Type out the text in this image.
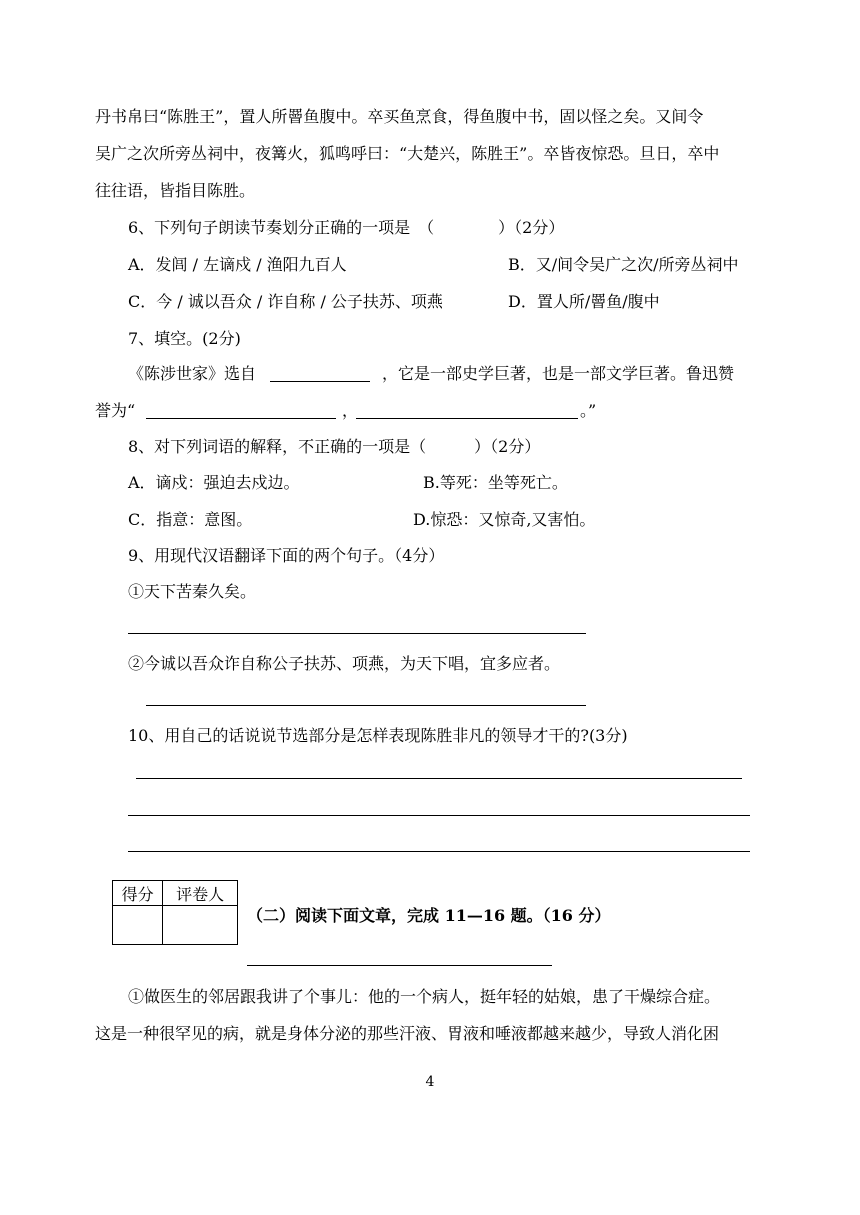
丹书帛曰“陈胜王”，置人所罾鱼腹中。卒买鱼烹食，得鱼腹中书，固以怪之矣。又间令

吴广之次所旁丛祠中，夜篝火，狐鸣呼曰：“大楚兴，陈胜王”。卒皆夜惊恐。旦日，卒中

往往语，皆指目陈胜。

6、下列句子朗读节奏划分正确的一项是　（　　　　）（2分）

A．发闾 / 左谪戍 / 渔阳九百人	B．又/间令吴广之次/所旁丛祠中

C．今 / 诚以吾众 / 诈自称 / 公子扶苏、项燕	D．置人所/罾鱼/腹中

7、填空。(2分)

《陈涉世家》选自	，它是一部史学巨著，也是一部文学巨著。鲁迅赞

誉为“	，	。”

8、对下列词语的解释，不正确的一项是（　　　）（2分）

A．谪戍：强迫去戍边。	B.等死：坐等死亡。

C．指意：意图。	D.惊恐：又惊奇,又害怕。

9、用现代汉语翻译下面的两个句子。（4分）

①天下苦秦久矣。

②今诚以吾众诈自称公子扶苏、项燕，为天下唱，宜多应者。

10、用自己的话说说节选部分是怎样表现陈胜非凡的领导才干的?(3分)

得分	评卷人

（二）阅读下面文章，完成 11—16 题。（16 分）

①做医生的邻居跟我讲了个事儿：他的一个病人，挺年轻的姑娘，患了干燥综合症。

这是一种很罕见的病，就是身体分泌的那些汗液、胃液和唾液都越来越少，导致人消化困

4
